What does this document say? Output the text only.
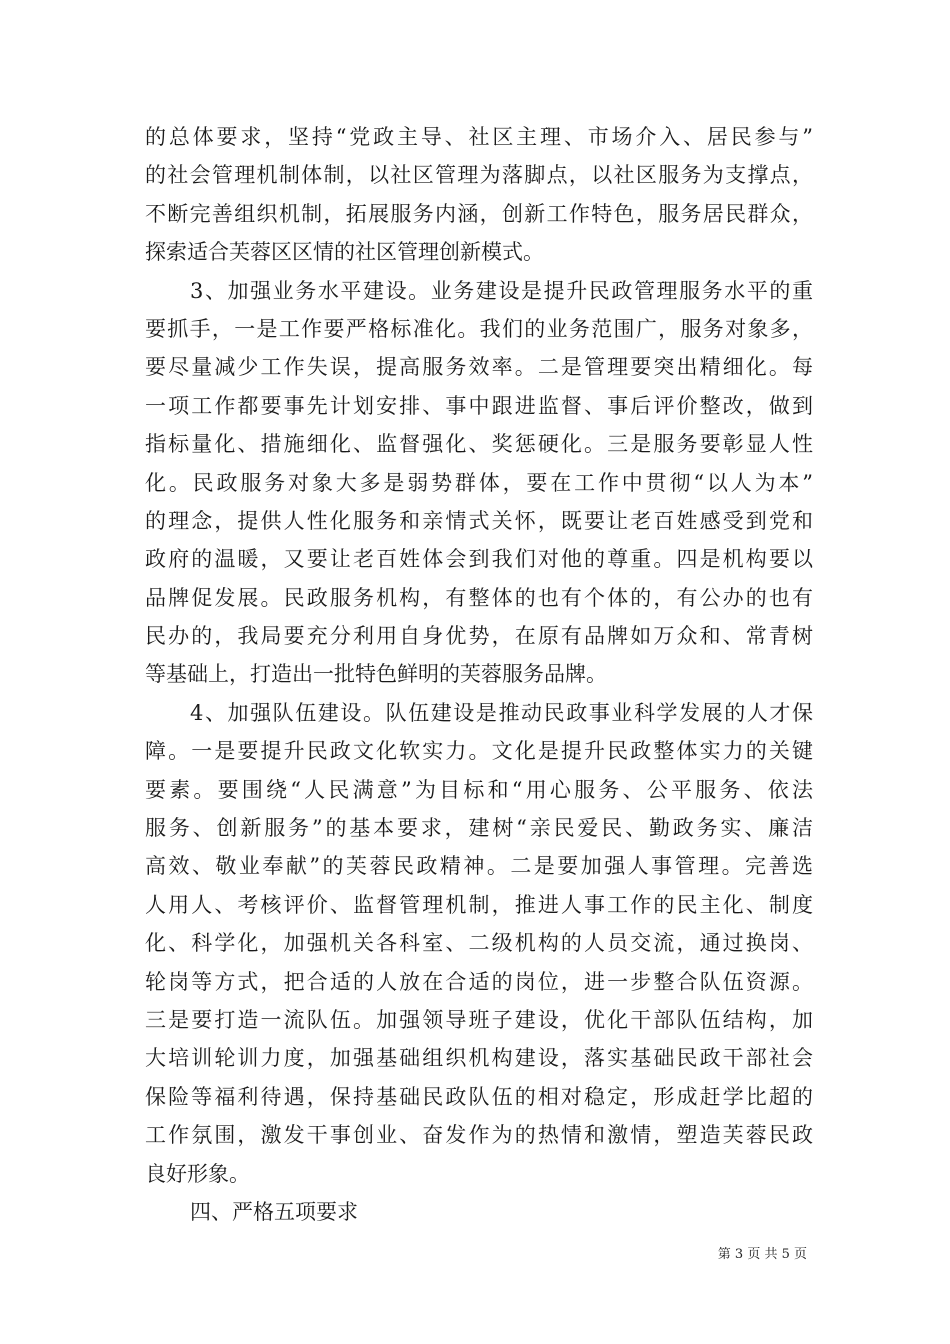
的总体要求，坚持“党政主导、社区主理、市场介入、居民参与”
的社会管理机制体制，以社区管理为落脚点，以社区服务为支撑点，
不断完善组织机制，拓展服务内涵，创新工作特色，服务居民群众，
探索适合芙蓉区区情的社区管理创新模式。
3、加强业务水平建设。业务建设是提升民政管理服务水平的重
要抓手，一是工作要严格标准化。我们的业务范围广，服务对象多，
要尽量减少工作失误，提高服务效率。二是管理要突出精细化。每
一项工作都要事先计划安排、事中跟进监督、事后评价整改，做到
指标量化、措施细化、监督强化、奖惩硬化。三是服务要彰显人性
化。民政服务对象大多是弱势群体，要在工作中贯彻“以人为本”
的理念，提供人性化服务和亲情式关怀，既要让老百姓感受到党和
政府的温暖，又要让老百姓体会到我们对他的尊重。四是机构要以
品牌促发展。民政服务机构，有整体的也有个体的，有公办的也有
民办的，我局要充分利用自身优势，在原有品牌如万众和、常青树
等基础上，打造出一批特色鲜明的芙蓉服务品牌。
4、加强队伍建设。队伍建设是推动民政事业科学发展的人才保
障。一是要提升民政文化软实力。文化是提升民政整体实力的关键
要素。要围绕“人民满意”为目标和“用心服务、公平服务、依法
服务、创新服务”的基本要求，建树“亲民爱民、勤政务实、廉洁
高效、敬业奉献”的芙蓉民政精神。二是要加强人事管理。完善选
人用人、考核评价、监督管理机制，推进人事工作的民主化、制度
化、科学化，加强机关各科室、二级机构的人员交流，通过换岗、
轮岗等方式，把合适的人放在合适的岗位，进一步整合队伍资源。
三是要打造一流队伍。加强领导班子建设，优化干部队伍结构，加
大培训轮训力度，加强基础组织机构建设，落实基础民政干部社会
保险等福利待遇，保持基础民政队伍的相对稳定，形成赶学比超的
工作氛围，激发干事创业、奋发作为的热情和激情，塑造芙蓉民政
良好形象。
四、严格五项要求
第 3 页 共 5 页
